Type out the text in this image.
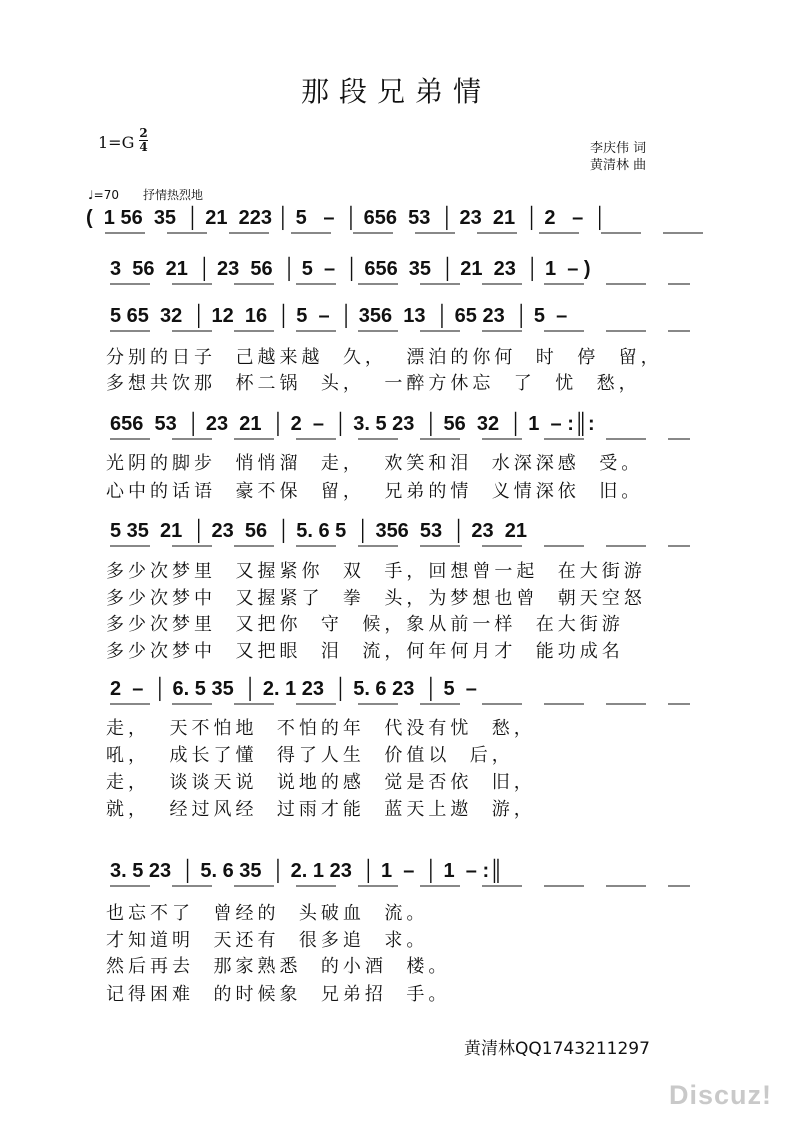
那段兄弟情
1=G 2
4	李庆伟 词
黄清林 曲
♩=70 抒情热烈地
(  1 56  35  │ 21  223 │ 5   –  │ 656  53  │ 23  21  │ 2   –  │
3  56  21  │ 23  56  │ 5  –  │ 656  35  │ 21  23  │ 1  – )
5 65  32  │ 12  16  │ 5  –  │ 356  13  │ 65 23  │ 5  –
分别的日子  己越来越  久，  漂泊的你何  时  停  留，
多想共饮那  杯二锅  头，  一醉方休忘  了  忧  愁，
656  53  │ 23  21  │ 2  –  │ 3. 5 23  │ 56  32  │ 1  – :║:
光阴的脚步  悄悄溜  走，  欢笑和泪  水深深感  受。
心中的话语  豪不保  留，  兄弟的情  义情深依  旧。
5 35  21  │ 23  56  │ 5. 6 5  │ 356  53  │ 23  21
多少次梦里  又握紧你  双  手，回想曾一起  在大街游
多少次梦中  又握紧了  拳  头，为梦想也曾  朝天空怒
多少次梦里  又把你  守  候，象从前一样  在大街游
多少次梦中  又把眼  泪  流，何年何月才  能功成名
2  –  │ 6. 5 35  │ 2. 1 23  │ 5. 6 23  │ 5  –
走，  天不怕地  不怕的年  代没有忧  愁，
吼，  成长了懂  得了人生  价值以  后，
走，  谈谈天说  说地的感  觉是否依  旧，
就，  经过风经  过雨才能  蓝天上遨  游，
3. 5 23  │ 5. 6 35  │ 2. 1 23  │ 1  –  │ 1  – :║
也忘不了  曾经的  头破血  流。
才知道明  天还有  很多追  求。
然后再去  那家熟悉  的小酒  楼。
记得困难  的时候象  兄弟招  手。
黄清林QQ1743211297
Discuz!
